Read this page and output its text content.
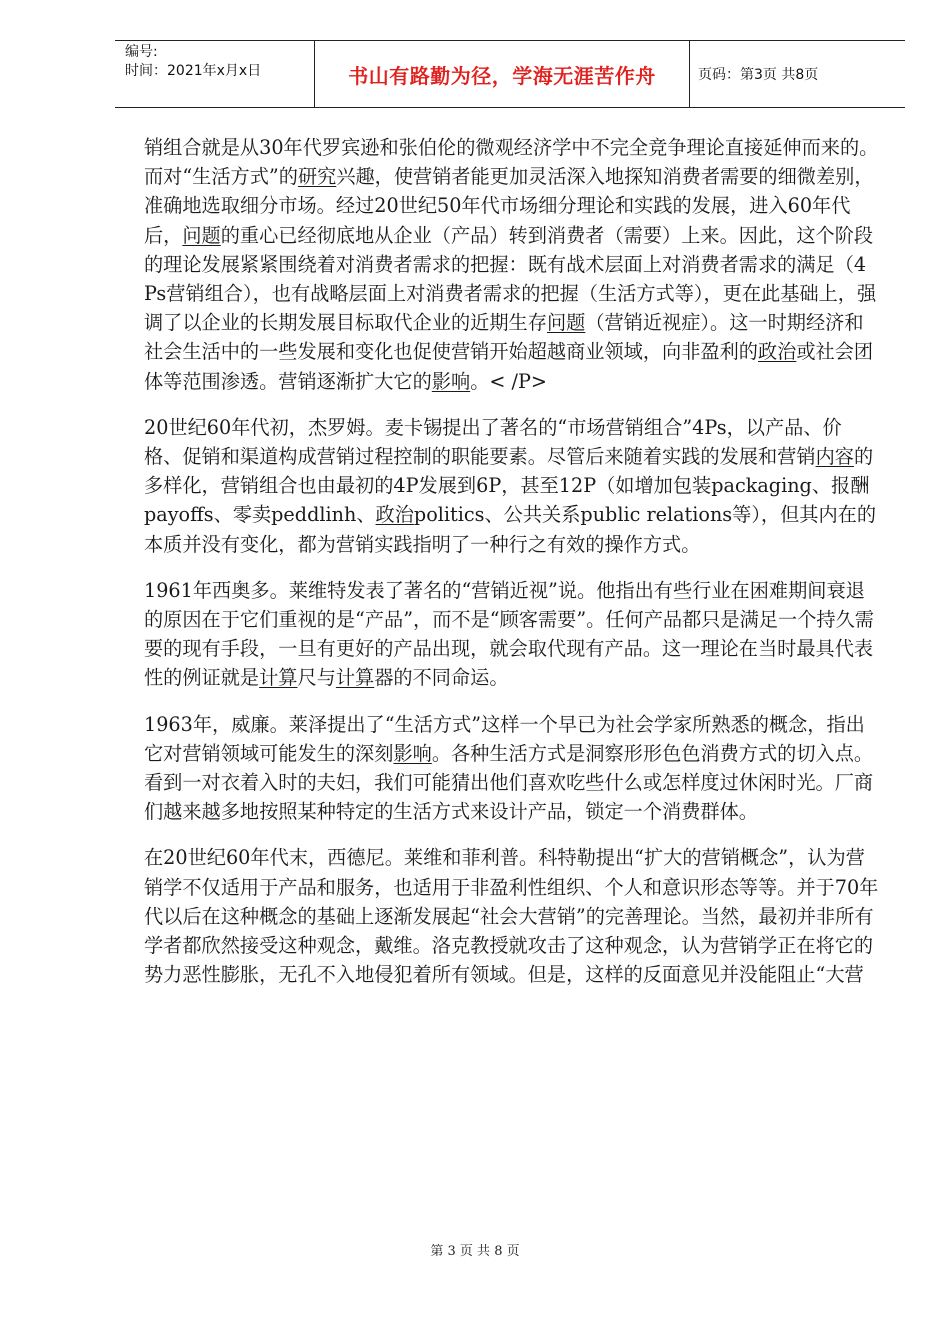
编号:
时间：2021年x月x日	书山有路勤为径，学海无涯苦作舟	页码：第3页 共8页

销组合就是从30年代罗宾逊和张伯伦的微观经济学中不完全竞争理论直接延伸而来的。而对“生活方式”的研究兴趣，使营销者能更加灵活深入地探知消费者需要的细微差别，准确地选取细分市场。经过20世纪50年代市场细分理论和实践的发展，进入60年代后，问题的重心已经彻底地从企业（产品）转到消费者（需要）上来。因此，这个阶段的理论发展紧紧围绕着对消费者需求的把握：既有战术层面上对消费者需求的满足（4Ps营销组合），也有战略层面上对消费者需求的把握（生活方式等），更在此基础上，强调了以企业的长期发展目标取代企业的近期生存问题（营销近视症）。这一时期经济和社会生活中的一些发展和变化也促使营销开始超越商业领域，向非盈利的政治或社会团体等范围渗透。营销逐渐扩大它的影响。< /P>

20世纪60年代初，杰罗姆。麦卡锡提出了著名的“市场营销组合”4Ps，以产品、价格、促销和渠道构成营销过程控制的职能要素。尽管后来随着实践的发展和营销内容的多样化，营销组合也由最初的4P发展到6P，甚至12P（如增加包装packaging、报酬payoffs、零卖peddlinh、政治politics、公共关系public relations等），但其内在的本质并没有变化，都为营销实践指明了一种行之有效的操作方式。

1961年西奥多。莱维特发表了著名的“营销近视”说。他指出有些行业在困难期间衰退的原因在于它们重视的是“产品”，而不是“顾客需要”。任何产品都只是满足一个持久需要的现有手段，一旦有更好的产品出现，就会取代现有产品。这一理论在当时最具代表性的例证就是计算尺与计算器的不同命运。

1963年，威廉。莱泽提出了“生活方式”这样一个早已为社会学家所熟悉的概念，指出它对营销领域可能发生的深刻影响。各种生活方式是洞察形形色色消费方式的切入点。看到一对衣着入时的夫妇，我们可能猜出他们喜欢吃些什么或怎样度过休闲时光。厂商们越来越多地按照某种特定的生活方式来设计产品，锁定一个消费群体。

在20世纪60年代末，西德尼。莱维和菲利普。科特勒提出“扩大的营销概念”，认为营销学不仅适用于产品和服务，也适用于非盈利性组织、个人和意识形态等等。并于70年代以后在这种概念的基础上逐渐发展起“社会大营销”的完善理论。当然，最初并非所有学者都欣然接受这种观念，戴维。洛克教授就攻击了这种观念，认为营销学正在将它的势力恶性膨胀，无孔不入地侵犯着所有领域。但是，这样的反面意见并没能阻止“大营

第 3 页 共 8 页
